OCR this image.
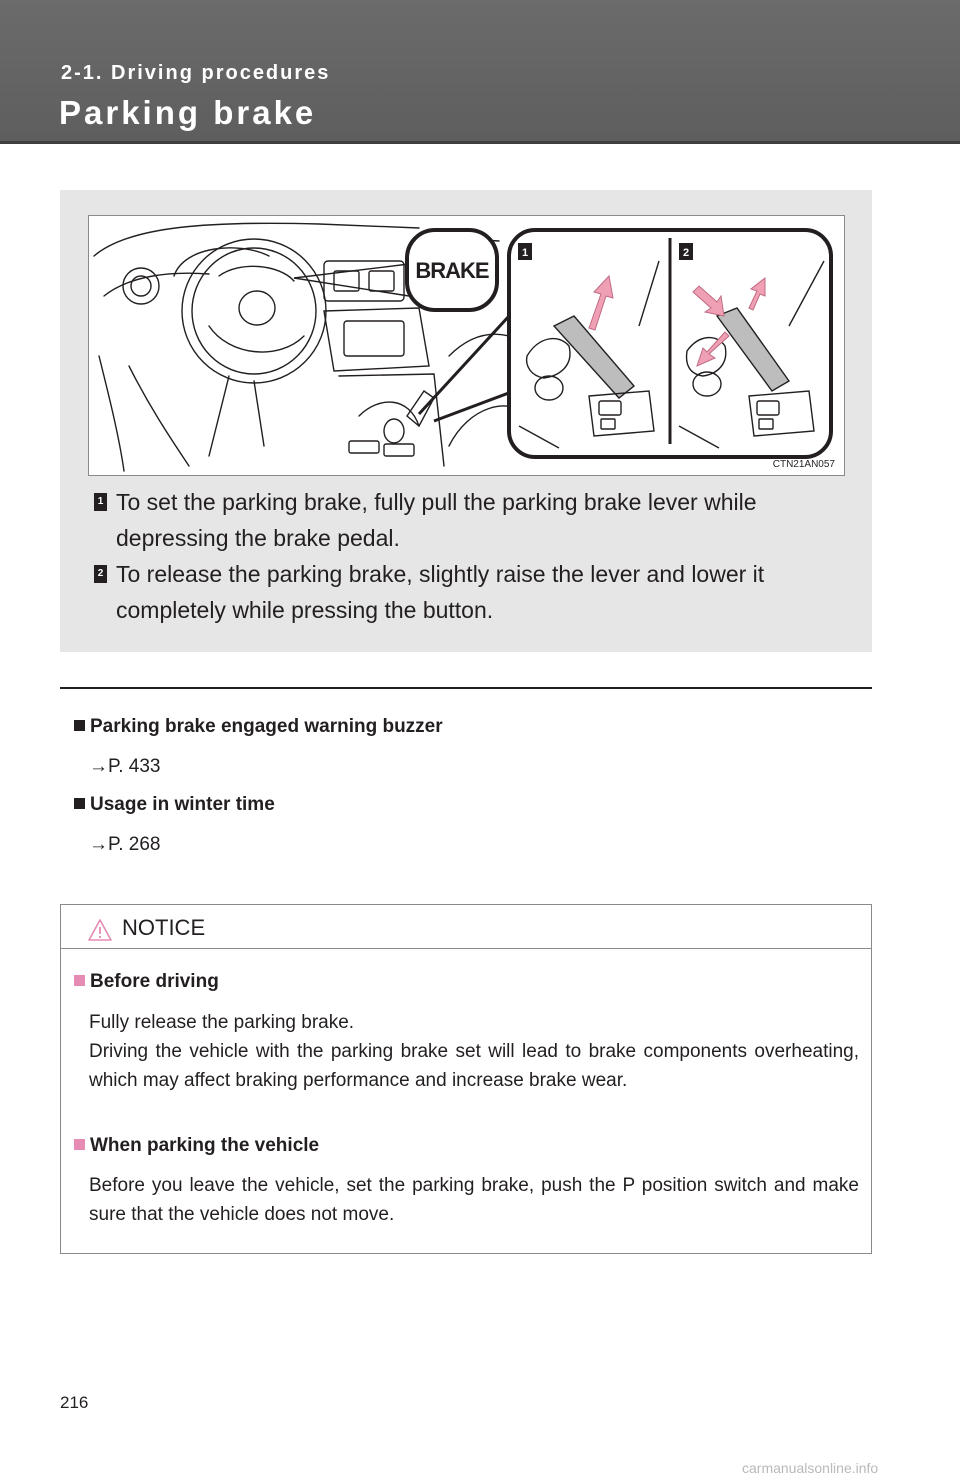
2-1. Driving procedures
Parking brake
BRAKE
1	2
CTN21AN057
1 To set the parking brake, fully pull the parking brake lever while
depressing the brake pedal.
2 To release the parking brake, slightly raise the lever and lower it
completely while pressing the button.
Parking brake engaged warning buzzer
→P. 433
Usage in winter time
→P. 268
NOTICE
Before driving
Fully release the parking brake.
Driving the vehicle with the parking brake set will lead to brake components overheating, which may affect braking performance and increase brake wear.
When parking the vehicle
Before you leave the vehicle, set the parking brake, push the P position switch and make sure that the vehicle does not move.
216
carmanualsonline.info
